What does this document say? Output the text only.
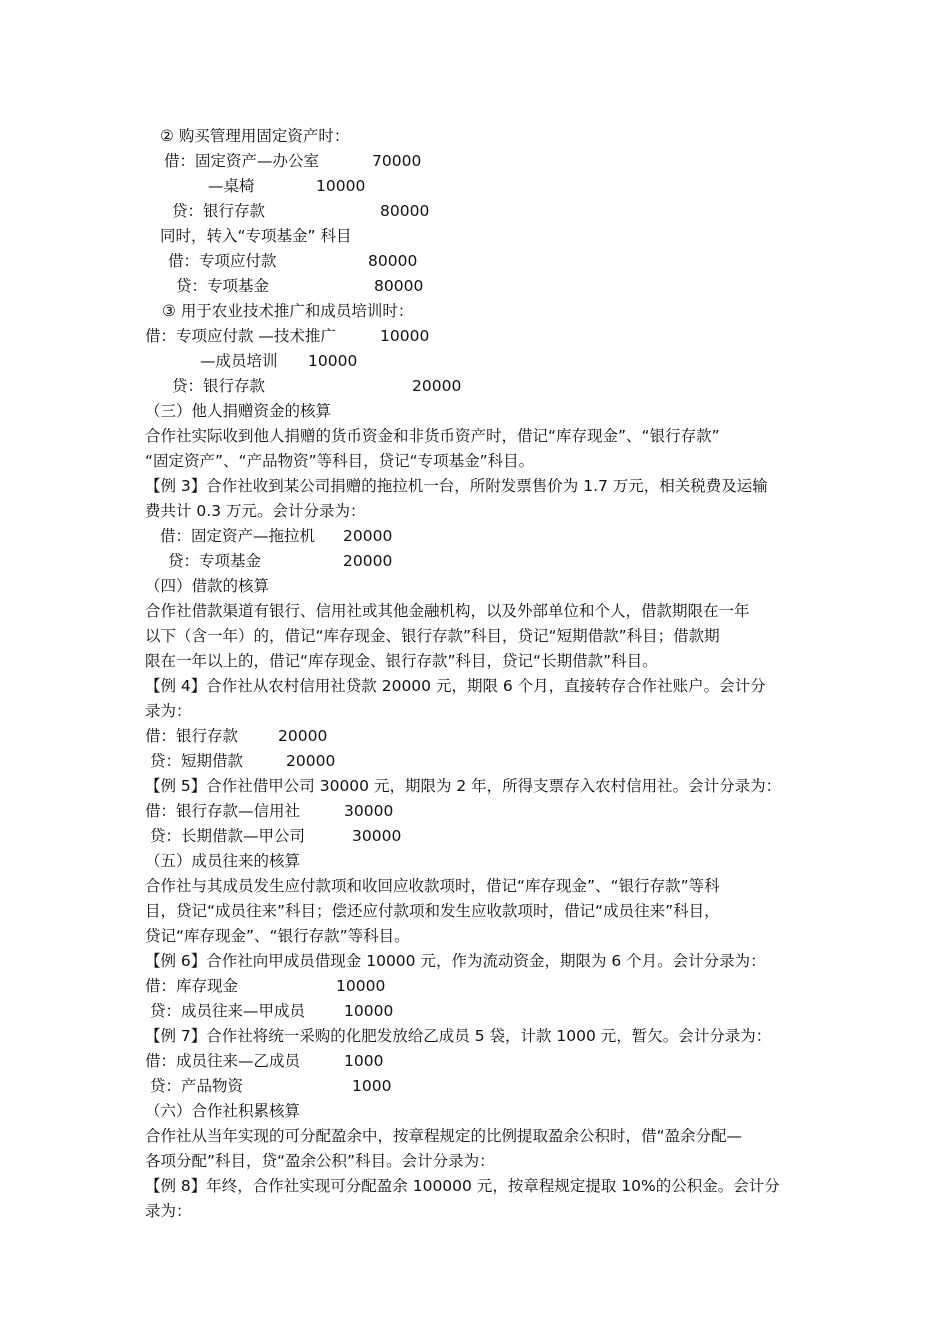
② 购买管理用固定资产时：
借：固定资产—办公室	70000
—桌椅	10000
贷：银行存款	80000
同时，转入“专项基金” 科目
借：专项应付款	80000
贷：专项基金	80000
③ 用于农业技术推广和成员培训时：
借：专项应付款 —技术推广	10000
—成员培训 10000
贷：银行存款	20000
（三）他人捐赠资金的核算
合作社实际收到他人捐赠的货币资金和非货币资产时，借记“库存现金”、“银行存款”
“固定资产”、“产品物资”等科目，贷记“专项基金”科目。
【例 3】合作社收到某公司捐赠的拖拉机一台，所附发票售价为 1.7 万元，相关税费及运输
费共计 0.3 万元。会计分录为：
借：固定资产—拖拉机 20000
贷：专项基金	20000
（四）借款的核算
合作社借款渠道有银行、信用社或其他金融机构，以及外部单位和个人，借款期限在一年
以下（含一年）的，借记“库存现金、银行存款”科目，贷记“短期借款”科目；借款期
限在一年以上的，借记“库存现金、银行存款”科目，贷记“长期借款”科目。
【例 4】合作社从农村信用社贷款 20000 元，期限 6 个月，直接转存合作社账户。会计分
录为：
借：银行存款	20000
贷：短期借款	20000
【例 5】合作社借甲公司 30000 元，期限为 2 年，所得支票存入农村信用社。会计分录为：
借：银行存款—信用社	30000
贷：长期借款—甲公司	30000
（五）成员往来的核算
合作社与其成员发生应付款项和收回应收款项时，借记“库存现金”、“银行存款”等科
目，贷记“成员往来”科目；偿还应付款项和发生应收款项时，借记“成员往来”科目，
贷记“库存现金”、“银行存款”等科目。
【例 6】合作社向甲成员借现金 10000 元，作为流动资金，期限为 6 个月。会计分录为：
借：库存现金	10000
贷：成员往来—甲成员	10000
【例 7】合作社将统一采购的化肥发放给乙成员 5 袋，计款 1000 元，暂欠。会计分录为：
借：成员往来—乙成员	1000
贷：产品物资	1000
（六）合作社积累核算
合作社从当年实现的可分配盈余中，按章程规定的比例提取盈余公积时，借“盈余分配—
各项分配”科目，贷“盈余公积”科目。会计分录为：
【例 8】年终，合作社实现可分配盈余 100000 元，按章程规定提取 10%的公积金。会计分
录为：
